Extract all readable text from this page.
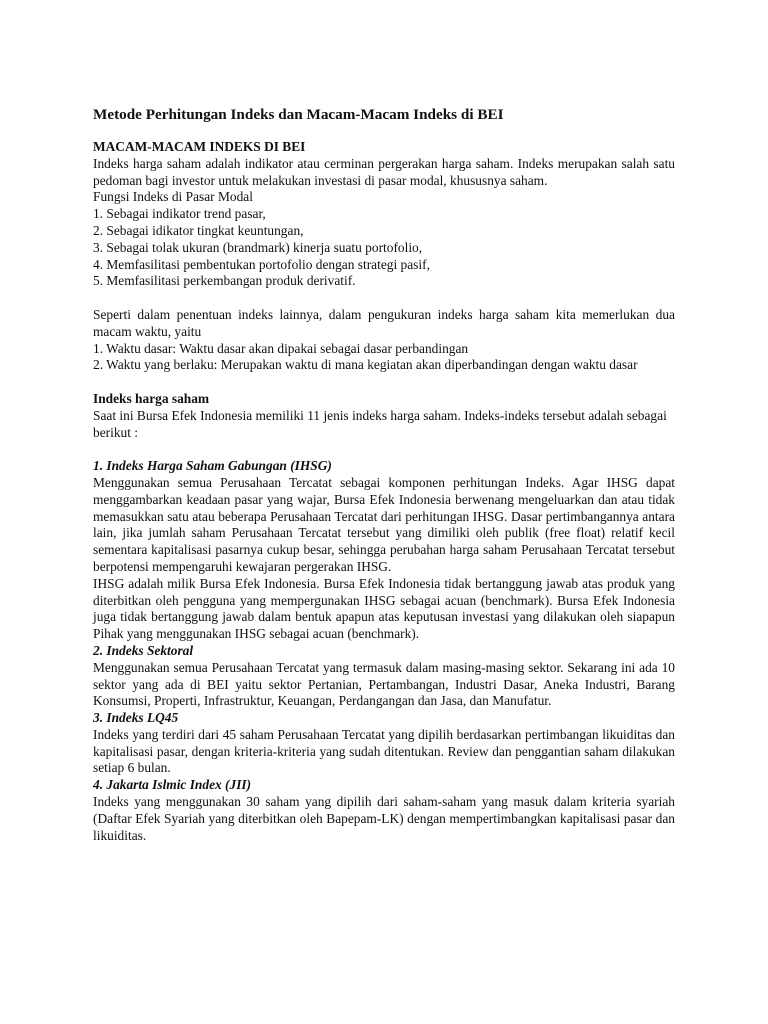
Metode Perhitungan Indeks dan Macam-Macam Indeks di BEI

MACAM-MACAM INDEKS DI BEI

Indeks harga saham adalah indikator atau cerminan pergerakan harga saham. Indeks merupakan salah satu pedoman bagi investor untuk melakukan investasi di pasar modal, khususnya saham.

Fungsi Indeks di Pasar Modal

1. Sebagai indikator trend pasar,
2. Sebagai idikator tingkat keuntungan,
3. Sebagai tolak ukuran (brandmark) kinerja suatu portofolio,
4. Memfasilitasi pembentukan portofolio dengan strategi pasif,
5. Memfasilitasi perkembangan produk derivatif.

Seperti dalam penentuan indeks lainnya, dalam pengukuran indeks harga saham kita memerlukan dua macam waktu, yaitu

1. Waktu dasar: Waktu dasar akan dipakai sebagai dasar perbandingan
2. Waktu yang berlaku: Merupakan waktu di mana kegiatan akan diperbandingan dengan waktu dasar

Indeks harga saham

Saat ini Bursa Efek Indonesia memiliki 11 jenis indeks harga saham. Indeks-indeks tersebut adalah sebagai berikut :

1. Indeks Harga Saham Gabungan (IHSG)

Menggunakan semua Perusahaan Tercatat sebagai komponen perhitungan Indeks. Agar IHSG dapat menggambarkan keadaan pasar yang wajar, Bursa Efek Indonesia berwenang mengeluarkan dan atau tidak memasukkan satu atau beberapa Perusahaan Tercatat dari perhitungan IHSG. Dasar pertimbangannya antara lain, jika jumlah saham Perusahaan Tercatat tersebut yang dimiliki oleh publik (free float) relatif kecil sementara kapitalisasi pasarnya cukup besar, sehingga perubahan harga saham Perusahaan Tercatat tersebut berpotensi mempengaruhi kewajaran pergerakan IHSG.

IHSG adalah milik Bursa Efek Indonesia. Bursa Efek Indonesia tidak bertanggung jawab atas produk yang diterbitkan oleh pengguna yang mempergunakan IHSG sebagai acuan (benchmark). Bursa Efek Indonesia juga tidak bertanggung jawab dalam bentuk apapun atas keputusan investasi yang dilakukan oleh siapapun Pihak yang menggunakan IHSG sebagai acuan (benchmark).

2. Indeks Sektoral

Menggunakan semua Perusahaan Tercatat yang termasuk dalam masing-masing sektor. Sekarang ini ada 10 sektor yang ada di BEI yaitu sektor Pertanian, Pertambangan, Industri Dasar, Aneka Industri, Barang Konsumsi, Properti, Infrastruktur, Keuangan, Perdangangan dan Jasa, dan Manufatur.

3. Indeks LQ45

Indeks yang terdiri dari 45 saham Perusahaan Tercatat yang dipilih berdasarkan pertimbangan likuiditas dan kapitalisasi pasar, dengan kriteria-kriteria yang sudah ditentukan. Review dan penggantian saham dilakukan setiap 6 bulan.

4. Jakarta Islmic Index (JII)

Indeks yang menggunakan 30 saham yang dipilih dari saham-saham yang masuk dalam kriteria syariah (Daftar Efek Syariah yang diterbitkan oleh Bapepam-LK) dengan mempertimbangkan kapitalisasi pasar dan likuiditas.
